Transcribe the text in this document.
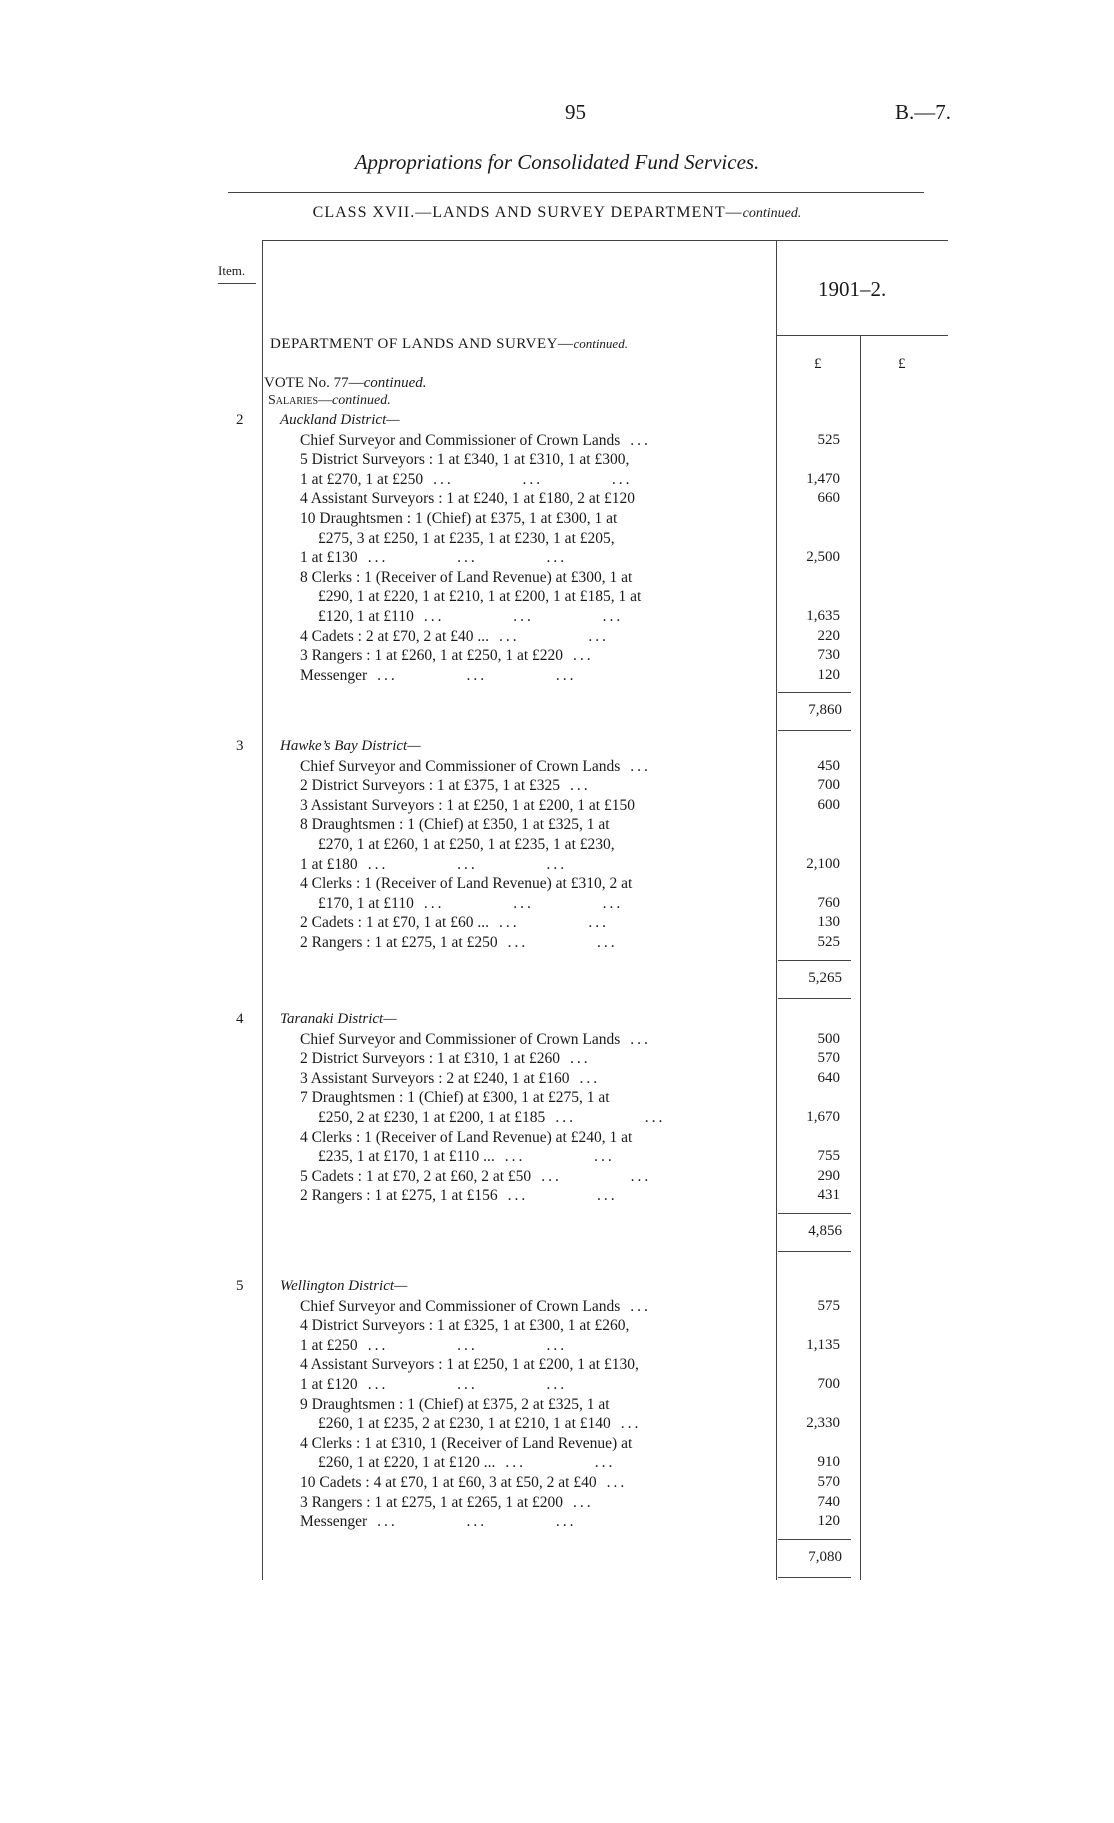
95	B.—7.
Appropriations for Consolidated Fund Services.
CLASS XVII.—LANDS AND SURVEY DEPARTMENT—continued.
Item.
1901–2.
£	£
DEPARTMENT OF LANDS AND SURVEY—continued.
VOTE No. 77—continued.
Salaries—continued.
2 Auckland District—
Chief Surveyor and Commissioner of Crown Lands ...	525
5 District Surveyors : 1 at £340, 1 at £310, 1 at £300,
1 at £270, 1 at £250 ...          ...          ...	1,470
4 Assistant Surveyors : 1 at £240, 1 at £180, 2 at £120	660
10 Draughtsmen : 1 (Chief) at £375, 1 at £300, 1 at
£275, 3 at £250, 1 at £235, 1 at £230, 1 at £205,
1 at £130 ...          ...          ...	2,500
8 Clerks : 1 (Receiver of Land Revenue) at £300, 1 at
£290, 1 at £220, 1 at £210, 1 at £200, 1 at £185, 1 at
£120, 1 at £110 ...          ...          ...	1,635
4 Cadets : 2 at £70, 2 at £40 ... ...          ...	220
3 Rangers : 1 at £260, 1 at £250, 1 at £220 ...	730
Messenger ...          ...          ...	120
7,860
3 Hawke’s Bay District—
Chief Surveyor and Commissioner of Crown Lands ...	450
2 District Surveyors : 1 at £375, 1 at £325 ...	700
3 Assistant Surveyors : 1 at £250, 1 at £200, 1 at £150	600
8 Draughtsmen : 1 (Chief) at £350, 1 at £325, 1 at
£270, 1 at £260, 1 at £250, 1 at £235, 1 at £230,
1 at £180 ...          ...          ...	2,100
4 Clerks : 1 (Receiver of Land Revenue) at £310, 2 at
£170, 1 at £110 ...          ...          ...	760
2 Cadets : 1 at £70, 1 at £60 ... ...          ...	130
2 Rangers : 1 at £275, 1 at £250 ...          ...	525
5,265
4 Taranaki District—
Chief Surveyor and Commissioner of Crown Lands ...	500
2 District Surveyors : 1 at £310, 1 at £260 ...	570
3 Assistant Surveyors : 2 at £240, 1 at £160 ...	640
7 Draughtsmen : 1 (Chief) at £300, 1 at £275, 1 at
£250, 2 at £230, 1 at £200, 1 at £185 ...          ...	1,670
4 Clerks : 1 (Receiver of Land Revenue) at £240, 1 at
£235, 1 at £170, 1 at £110 ... ...          ...	755
5 Cadets : 1 at £70, 2 at £60, 2 at £50 ...          ...	290
2 Rangers : 1 at £275, 1 at £156 ...          ...	431
4,856
5 Wellington District—
Chief Surveyor and Commissioner of Crown Lands ...	575
4 District Surveyors : 1 at £325, 1 at £300, 1 at £260,
1 at £250 ...          ...          ...	1,135
4 Assistant Surveyors : 1 at £250, 1 at £200, 1 at £130,
1 at £120 ...          ...          ...	700
9 Draughtsmen : 1 (Chief) at £375, 2 at £325, 1 at
£260, 1 at £235, 2 at £230, 1 at £210, 1 at £140 ...	2,330
4 Clerks : 1 at £310, 1 (Receiver of Land Revenue) at
£260, 1 at £220, 1 at £120 ... ...          ...	910
10 Cadets : 4 at £70, 1 at £60, 3 at £50, 2 at £40 ...	570
3 Rangers : 1 at £275, 1 at £265, 1 at £200 ...	740
Messenger ...          ...          ...	120
7,080
